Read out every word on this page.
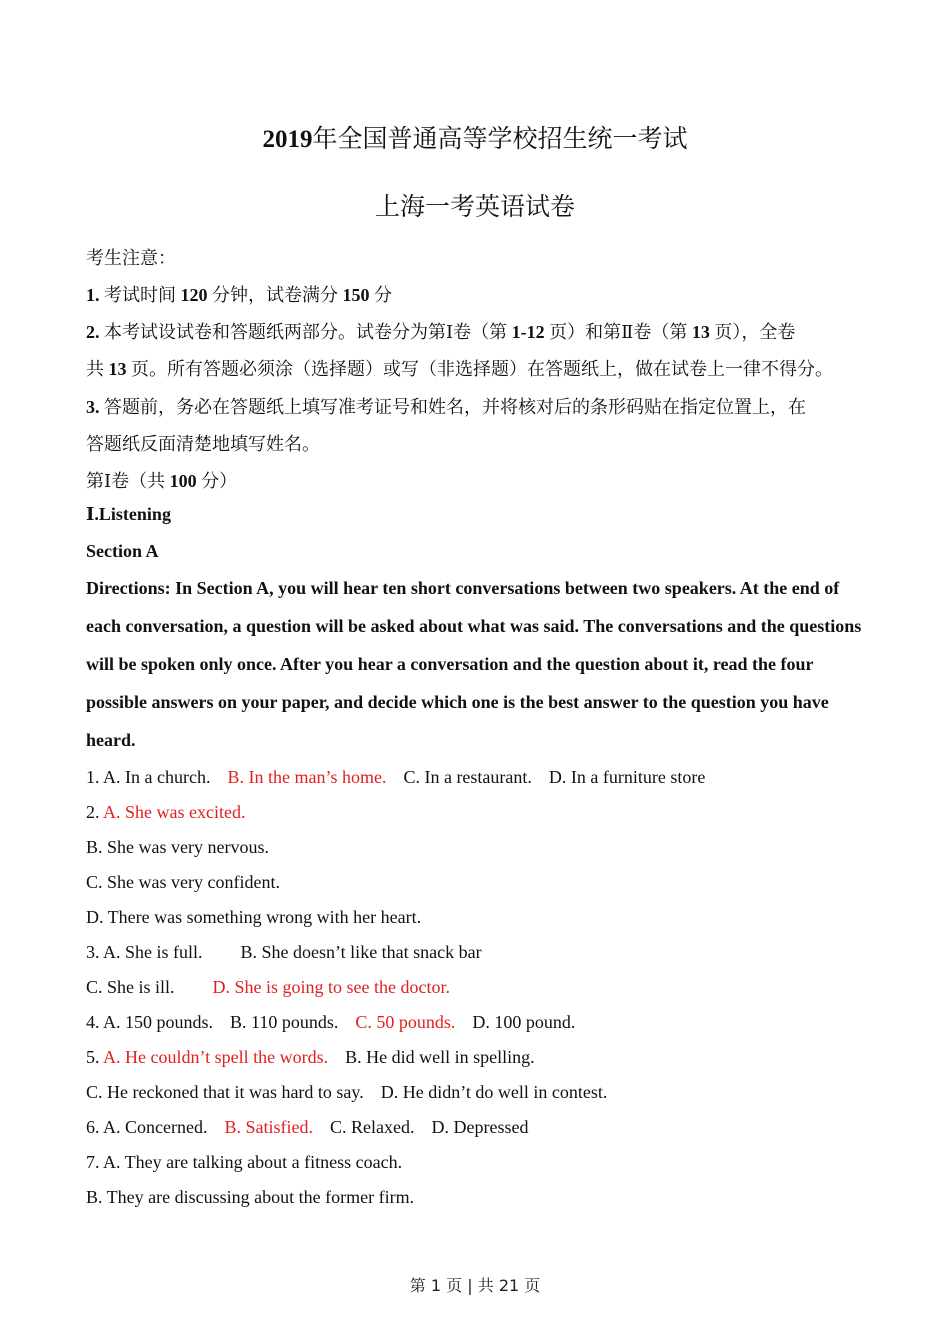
2019年全国普通高等学校招生统一考试
上海一考英语试卷
考生注意：
1. 考试时间 120 分钟，试卷满分 150 分
2. 本考试设试卷和答题纸两部分。试卷分为第Ⅰ卷（第 1-12 页）和第Ⅱ卷（第 13 页），全卷
共 13 页。所有答题必须涂（选择题）或写（非选择题）在答题纸上，做在试卷上一律不得分。
3. 答题前，务必在答题纸上填写准考证号和姓名，并将核对后的条形码贴在指定位置上，在
答题纸反面清楚地填写姓名。
第Ⅰ卷（共 100 分）
Ⅰ.Listening
Section A
Directions: In Section A, you will hear ten short conversations between two speakers. At the end of each conversation, a question will be asked about what was said. The conversations and the questions will be spoken only once. After you hear a conversation and the question about it, read the four possible answers on your paper, and decide which one is the best answer to the question you have heard.
1. A. In a church. B. In the man’s home. C. In a restaurant. D. In a furniture store
2. A. She was excited.
B. She was very nervous.
C. She was very confident.
D. There was something wrong with her heart.
3. A. She is full. B. She doesn’t like that snack bar
C. She is ill. D. She is going to see the doctor.
4. A. 150 pounds. B. 110 pounds. C. 50 pounds. D. 100 pound.
5. A. He couldn’t spell the words. B. He did well in spelling.
C. He reckoned that it was hard to say. D. He didn’t do well in contest.
6. A. Concerned. B. Satisfied. C. Relaxed. D. Depressed
7. A. They are talking about a fitness coach.
B. They are discussing about the former firm.
第 1 页 | 共 21 页
